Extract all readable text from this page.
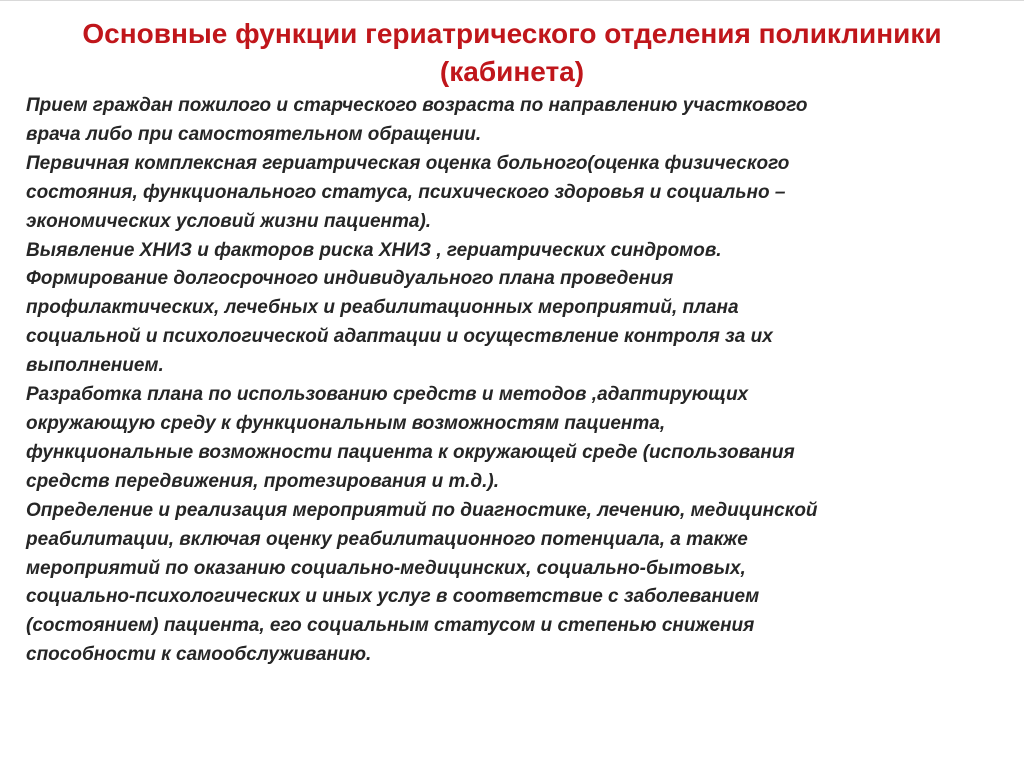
Основные функции гериатрического отделения поликлиники
(кабинета)
Прием граждан пожилого и старческого возраста по направлению участкового
врача либо при самостоятельном обращении.
Первичная комплексная гериатрическая оценка больного(оценка физического
состояния, функционального статуса, психического здоровья и социально –
экономических условий жизни пациента).
Выявление ХНИЗ и факторов риска ХНИЗ , гериатрических синдромов.
Формирование долгосрочного индивидуального плана проведения
профилактических, лечебных и реабилитационных мероприятий, плана
социальной и психологической адаптации и осуществление контроля за их
выполнением.
Разработка плана по использованию средств и методов ,адаптирующих
окружающую среду к функциональным возможностям пациента,
функциональные возможности пациента к окружающей среде (использования
средств передвижения, протезирования и т.д.).
Определение и реализация мероприятий по диагностике, лечению, медицинской
реабилитации, включая оценку реабилитационного потенциала, а также
мероприятий по оказанию социально-медицинских, социально-бытовых,
социально-психологических и иных услуг в соответствие с заболеванием
(состоянием) пациента, его социальным статусом и степенью снижения
способности к самообслуживанию.
